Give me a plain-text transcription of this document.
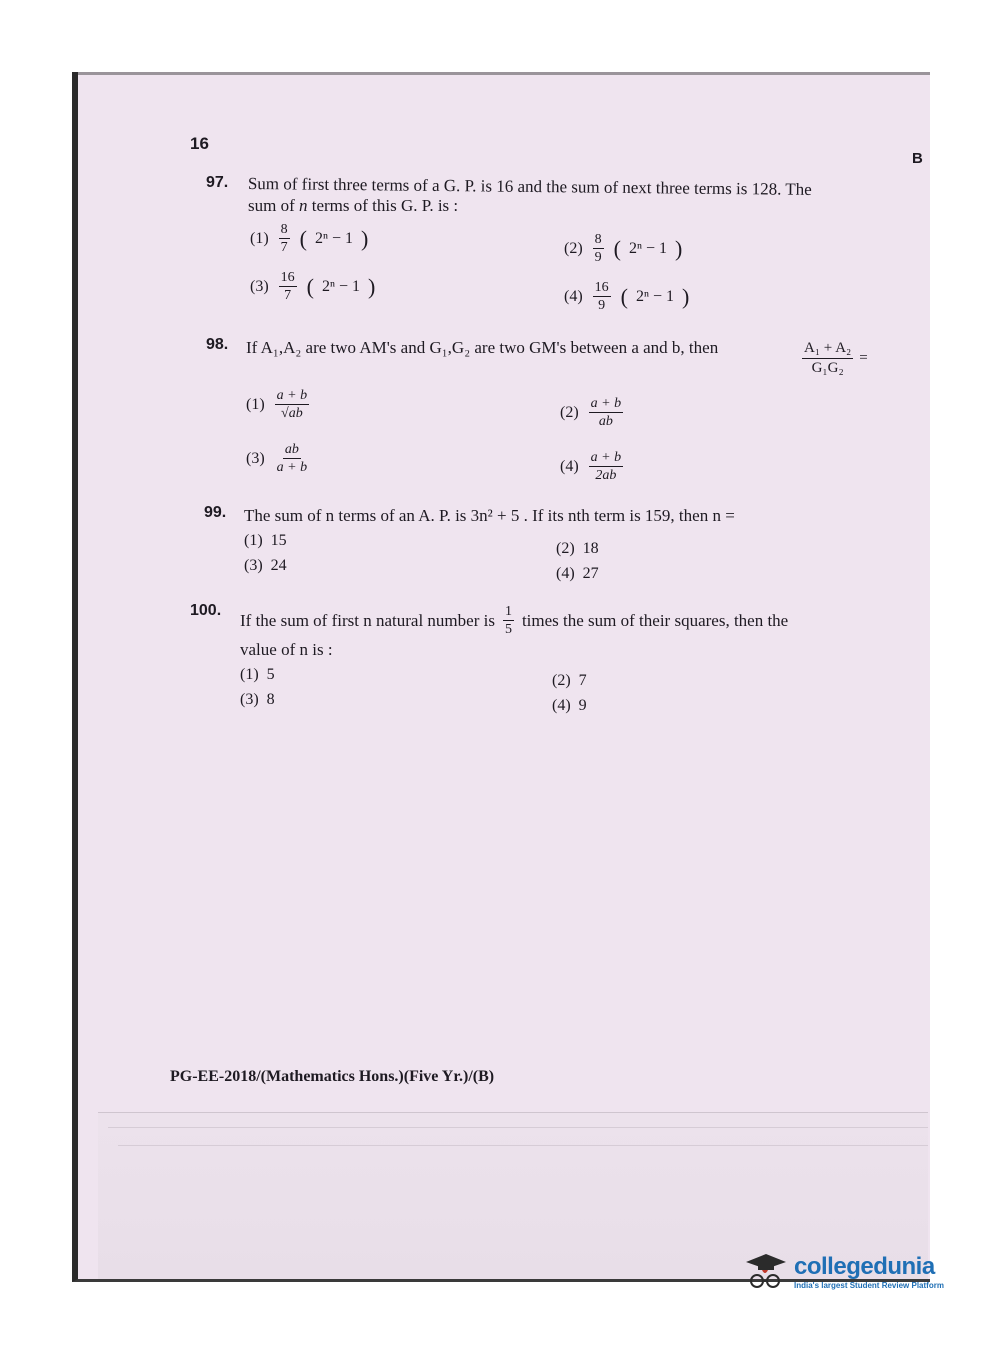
16
B
97. Sum of first three terms of a G. P. is 16 and the sum of next three terms is 128. The
sum of n terms of this G. P. is :
$(1) \frac{8}{7}$ ( 2ⁿ − 1 )	$(2) \frac{8}{9}$ ( 2ⁿ − 1 )
$(3) \frac{16}{7}$ ( 2ⁿ − 1 )	$(4) \frac{16}{9}$ ( 2ⁿ − 1 )
98. If A₁,A₂ are two AM's and G₁,G₂ are two GM's between a and b, then	$\frac{\text{A₁ + A₂}}{\text{G₁G₂}}$ =
$(1) \frac{a + b}{√ab}$	$(2) \frac{a + b}{ab}$
$(3) \frac{ab}{a + b}$	$(4) \frac{a + b}{2ab}$
99. The sum of n terms of an A. P. is 3n² + 5 . If its nth term is 159, then n =
(1) 15	(2) 18
(3) 24	(4) 27
100.
If the sum of first n natural number is $\frac{1}{5}$ times the sum of their squares, then the
value of n is :
(1) 5	(2) 7
(3) 8	(4) 9
PG-EE-2018/(Mathematics Hons.)(Five Yr.)/(B)
collegedunia
India's largest Student Review Platform
